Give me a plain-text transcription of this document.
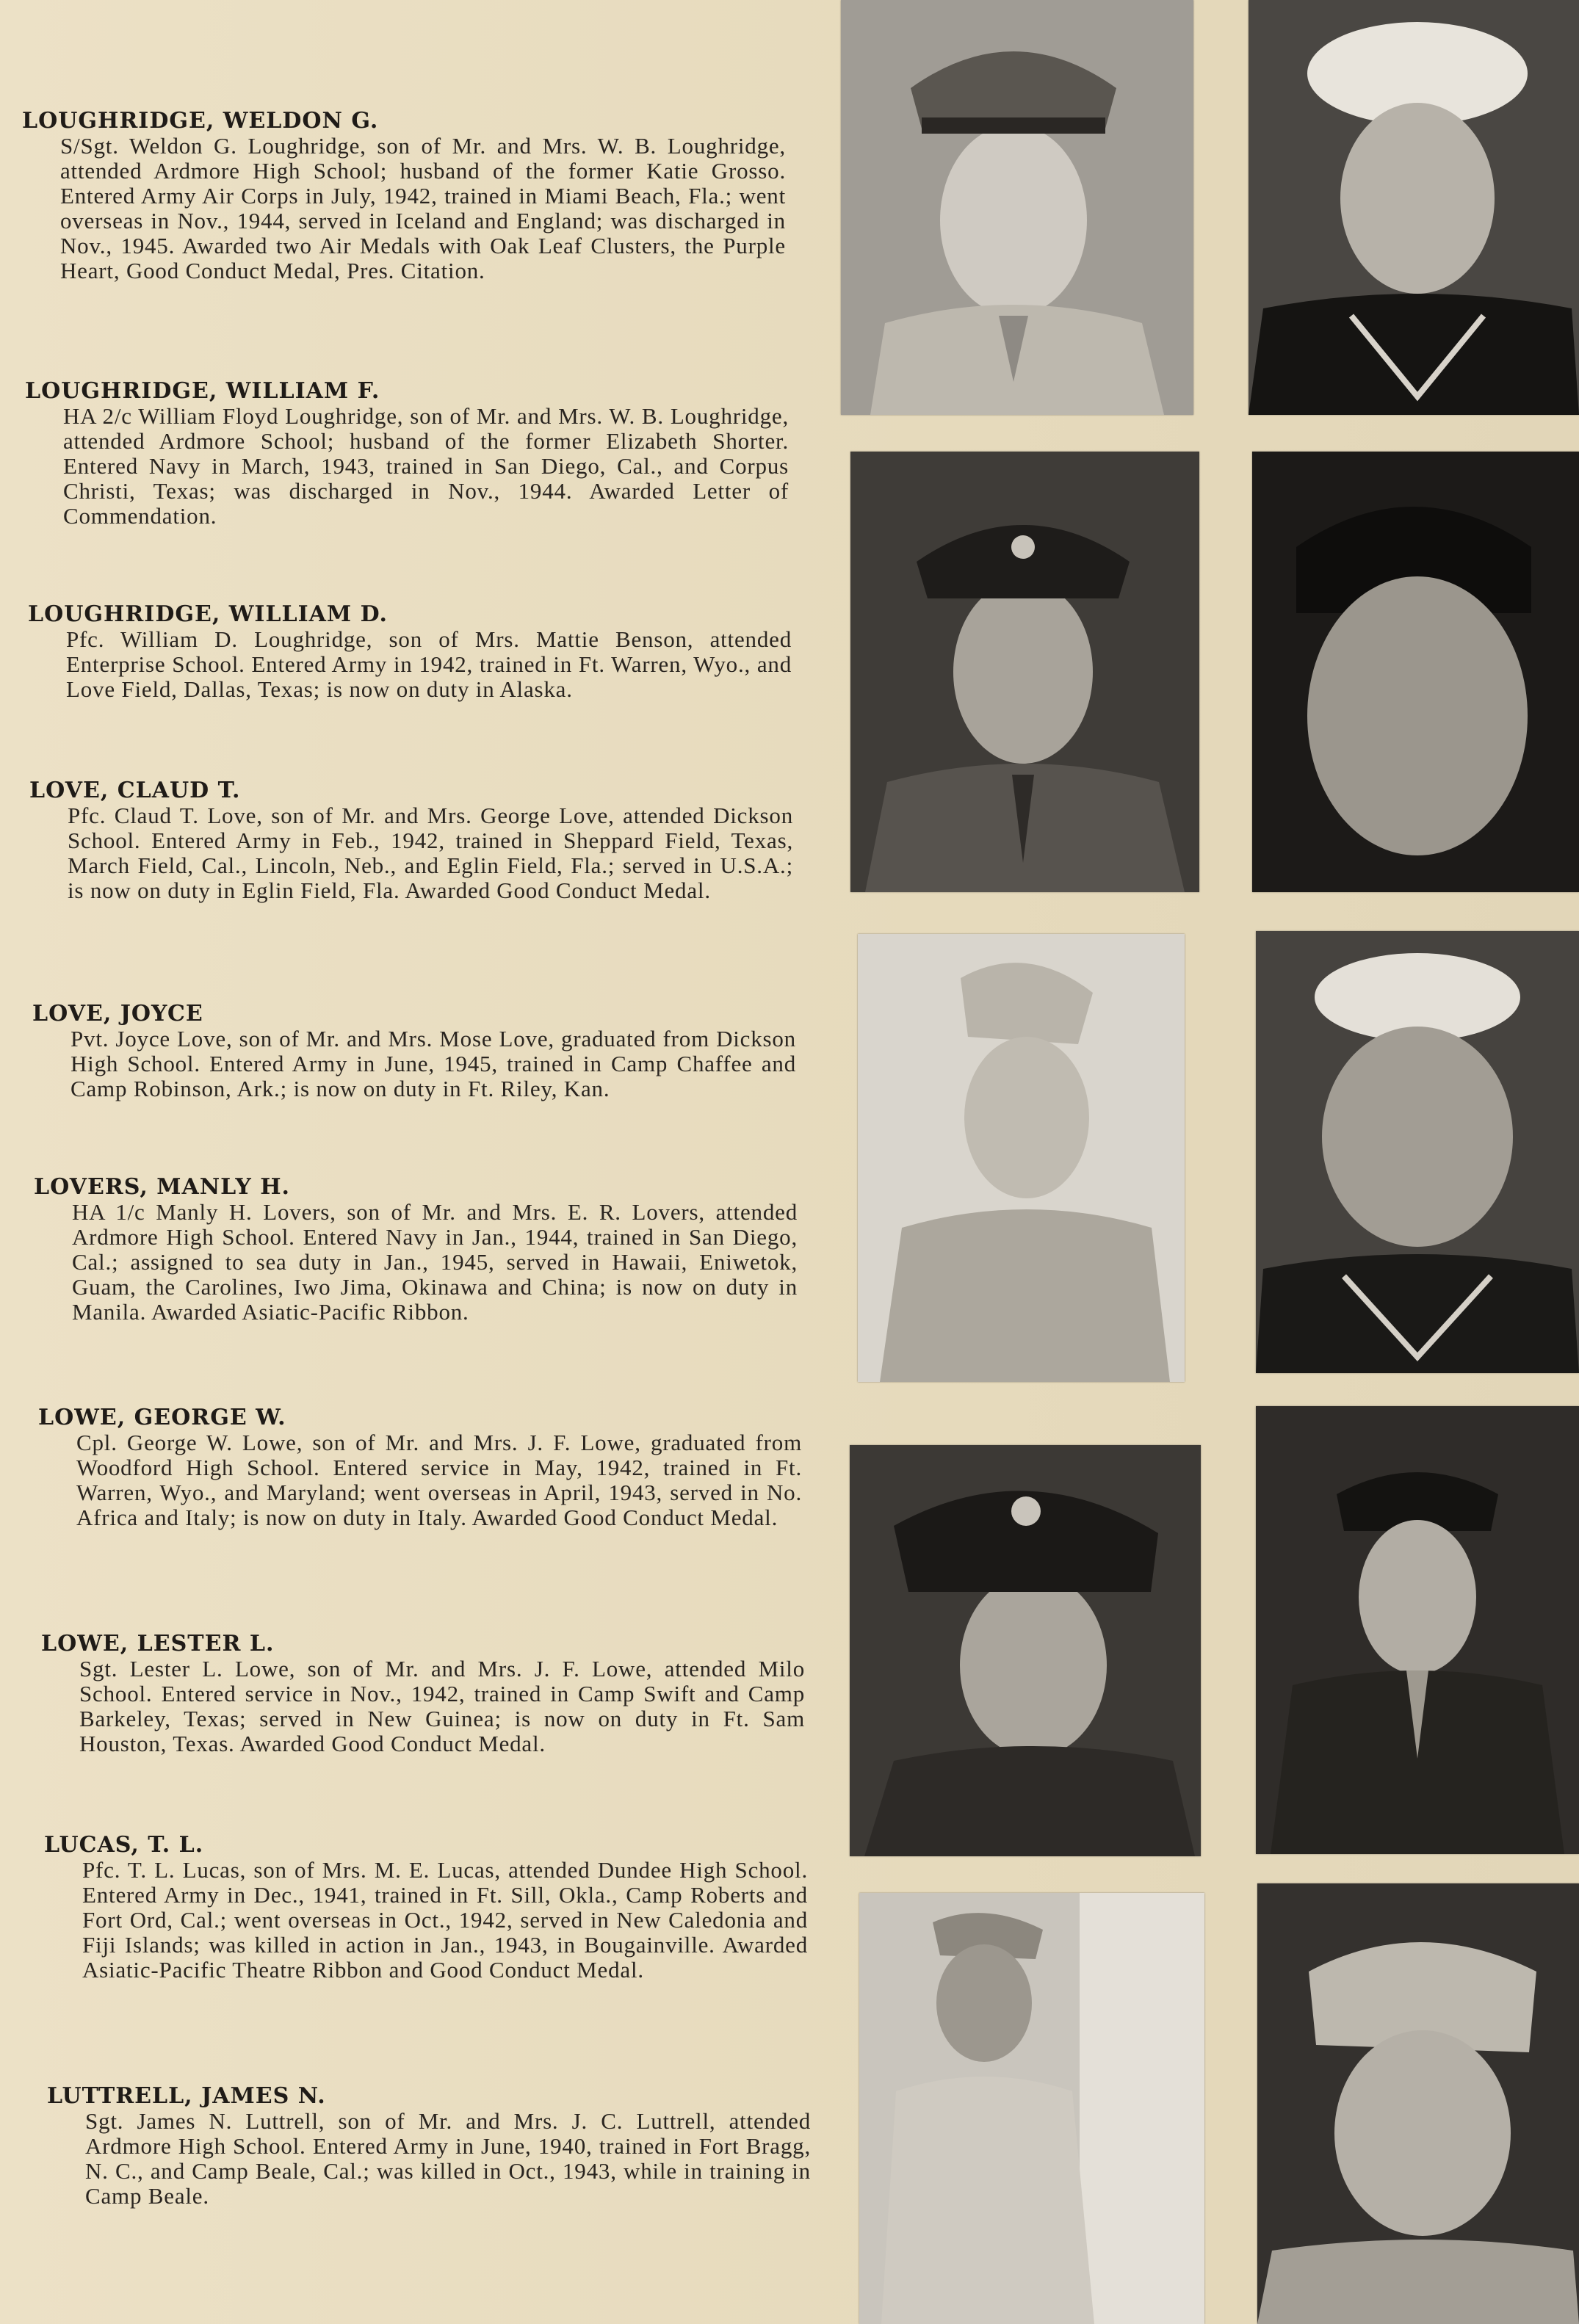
LOUGHRIDGE, WELDON G.

S/Sgt. Weldon G. Loughridge, son of Mr. and Mrs. W. B. Loughridge, attended Ardmore High School; husband of the former Katie Grosso. Entered Army Air Corps in July, 1942, trained in Miami Beach, Fla.; went overseas in Nov., 1944, served in Iceland and England; was discharged in Nov., 1945. Awarded two Air Medals with Oak Leaf Clusters, the Purple Heart, Good Conduct Medal, Pres. Citation.

LOUGHRIDGE, WILLIAM F.

HA 2/c William Floyd Loughridge, son of Mr. and Mrs. W. B. Loughridge, attended Ardmore School; husband of the former Elizabeth Shorter. Entered Navy in March, 1943, trained in San Diego, Cal., and Corpus Christi, Texas; was discharged in Nov., 1944. Awarded Letter of Commendation.

LOUGHRIDGE, WILLIAM D.

Pfc. William D. Loughridge, son of Mrs. Mattie Benson, attended Enterprise School. Entered Army in 1942, trained in Ft. Warren, Wyo., and Love Field, Dallas, Texas; is now on duty in Alaska.

LOVE, CLAUD T.

Pfc. Claud T. Love, son of Mr. and Mrs. George Love, attended Dickson School. Entered Army in Feb., 1942, trained in Sheppard Field, Texas, March Field, Cal., Lincoln, Neb., and Eglin Field, Fla.; served in U.S.A.; is now on duty in Eglin Field, Fla. Awarded Good Conduct Medal.

LOVE, JOYCE

Pvt. Joyce Love, son of Mr. and Mrs. Mose Love, graduated from Dickson High School. Entered Army in June, 1945, trained in Camp Chaffee and Camp Robinson, Ark.; is now on duty in Ft. Riley, Kan.

LOVERS, MANLY H.

HA 1/c Manly H. Lovers, son of Mr. and Mrs. E. R. Lovers, attended Ardmore High School. Entered Navy in Jan., 1944, trained in San Diego, Cal.; assigned to sea duty in Jan., 1945, served in Hawaii, Eniwetok, Guam, the Carolines, Iwo Jima, Okinawa and China; is now on duty in Manila. Awarded Asiatic-Pacific Ribbon.

LOWE, GEORGE W.

Cpl. George W. Lowe, son of Mr. and Mrs. J. F. Lowe, graduated from Woodford High School. Entered service in May, 1942, trained in Ft. Warren, Wyo., and Maryland; went overseas in April, 1943, served in No. Africa and Italy; is now on duty in Italy. Awarded Good Conduct Medal.

LOWE, LESTER L.

Sgt. Lester L. Lowe, son of Mr. and Mrs. J. F. Lowe, attended Milo School. Entered service in Nov., 1942, trained in Camp Swift and Camp Barkeley, Texas; served in New Guinea; is now on duty in Ft. Sam Houston, Texas. Awarded Good Conduct Medal.

LUCAS, T. L.

Pfc. T. L. Lucas, son of Mrs. M. E. Lucas, attended Dundee High School. Entered Army in Dec., 1941, trained in Ft. Sill, Okla., Camp Roberts and Fort Ord, Cal.; went overseas in Oct., 1942, served in New Caledonia and Fiji Islands; was killed in action in Jan., 1943, in Bougainville. Awarded Asiatic-Pacific Theatre Ribbon and Good Conduct Medal.

LUTTRELL, JAMES N.

Sgt. James N. Luttrell, son of Mr. and Mrs. J. C. Luttrell, attended Ardmore High School. Entered Army in June, 1940, trained in Fort Bragg, N. C., and Camp Beale, Cal.; was killed in Oct., 1943, while in training in Camp Beale.
